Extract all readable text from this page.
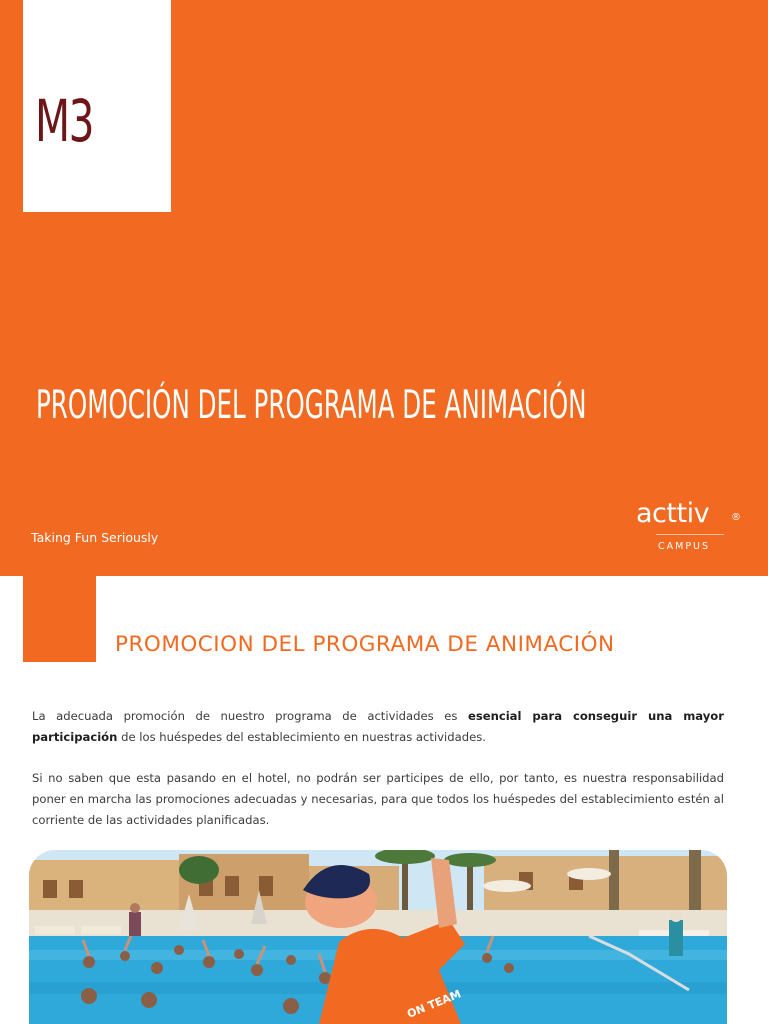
M3
PROMOCIÓN DEL PROGRAMA DE ANIMACIÓN
Taking Fun Seriously
acttiv ®
CAMPUS
PROMOCION DEL PROGRAMA DE ANIMACIÓN

La adecuada promoción de nuestro programa de actividades es esencial para conseguir una mayor participación de los huéspedes del establecimiento en nuestras actividades.

Si no saben que esta pasando en el hotel, no podrán ser participes de ello, por tanto, es nuestra responsabilidad poner en marcha las promociones adecuadas y necesarias, para que todos los huéspedes del establecimiento estén al corriente de las actividades planificadas.

ON TEAM
